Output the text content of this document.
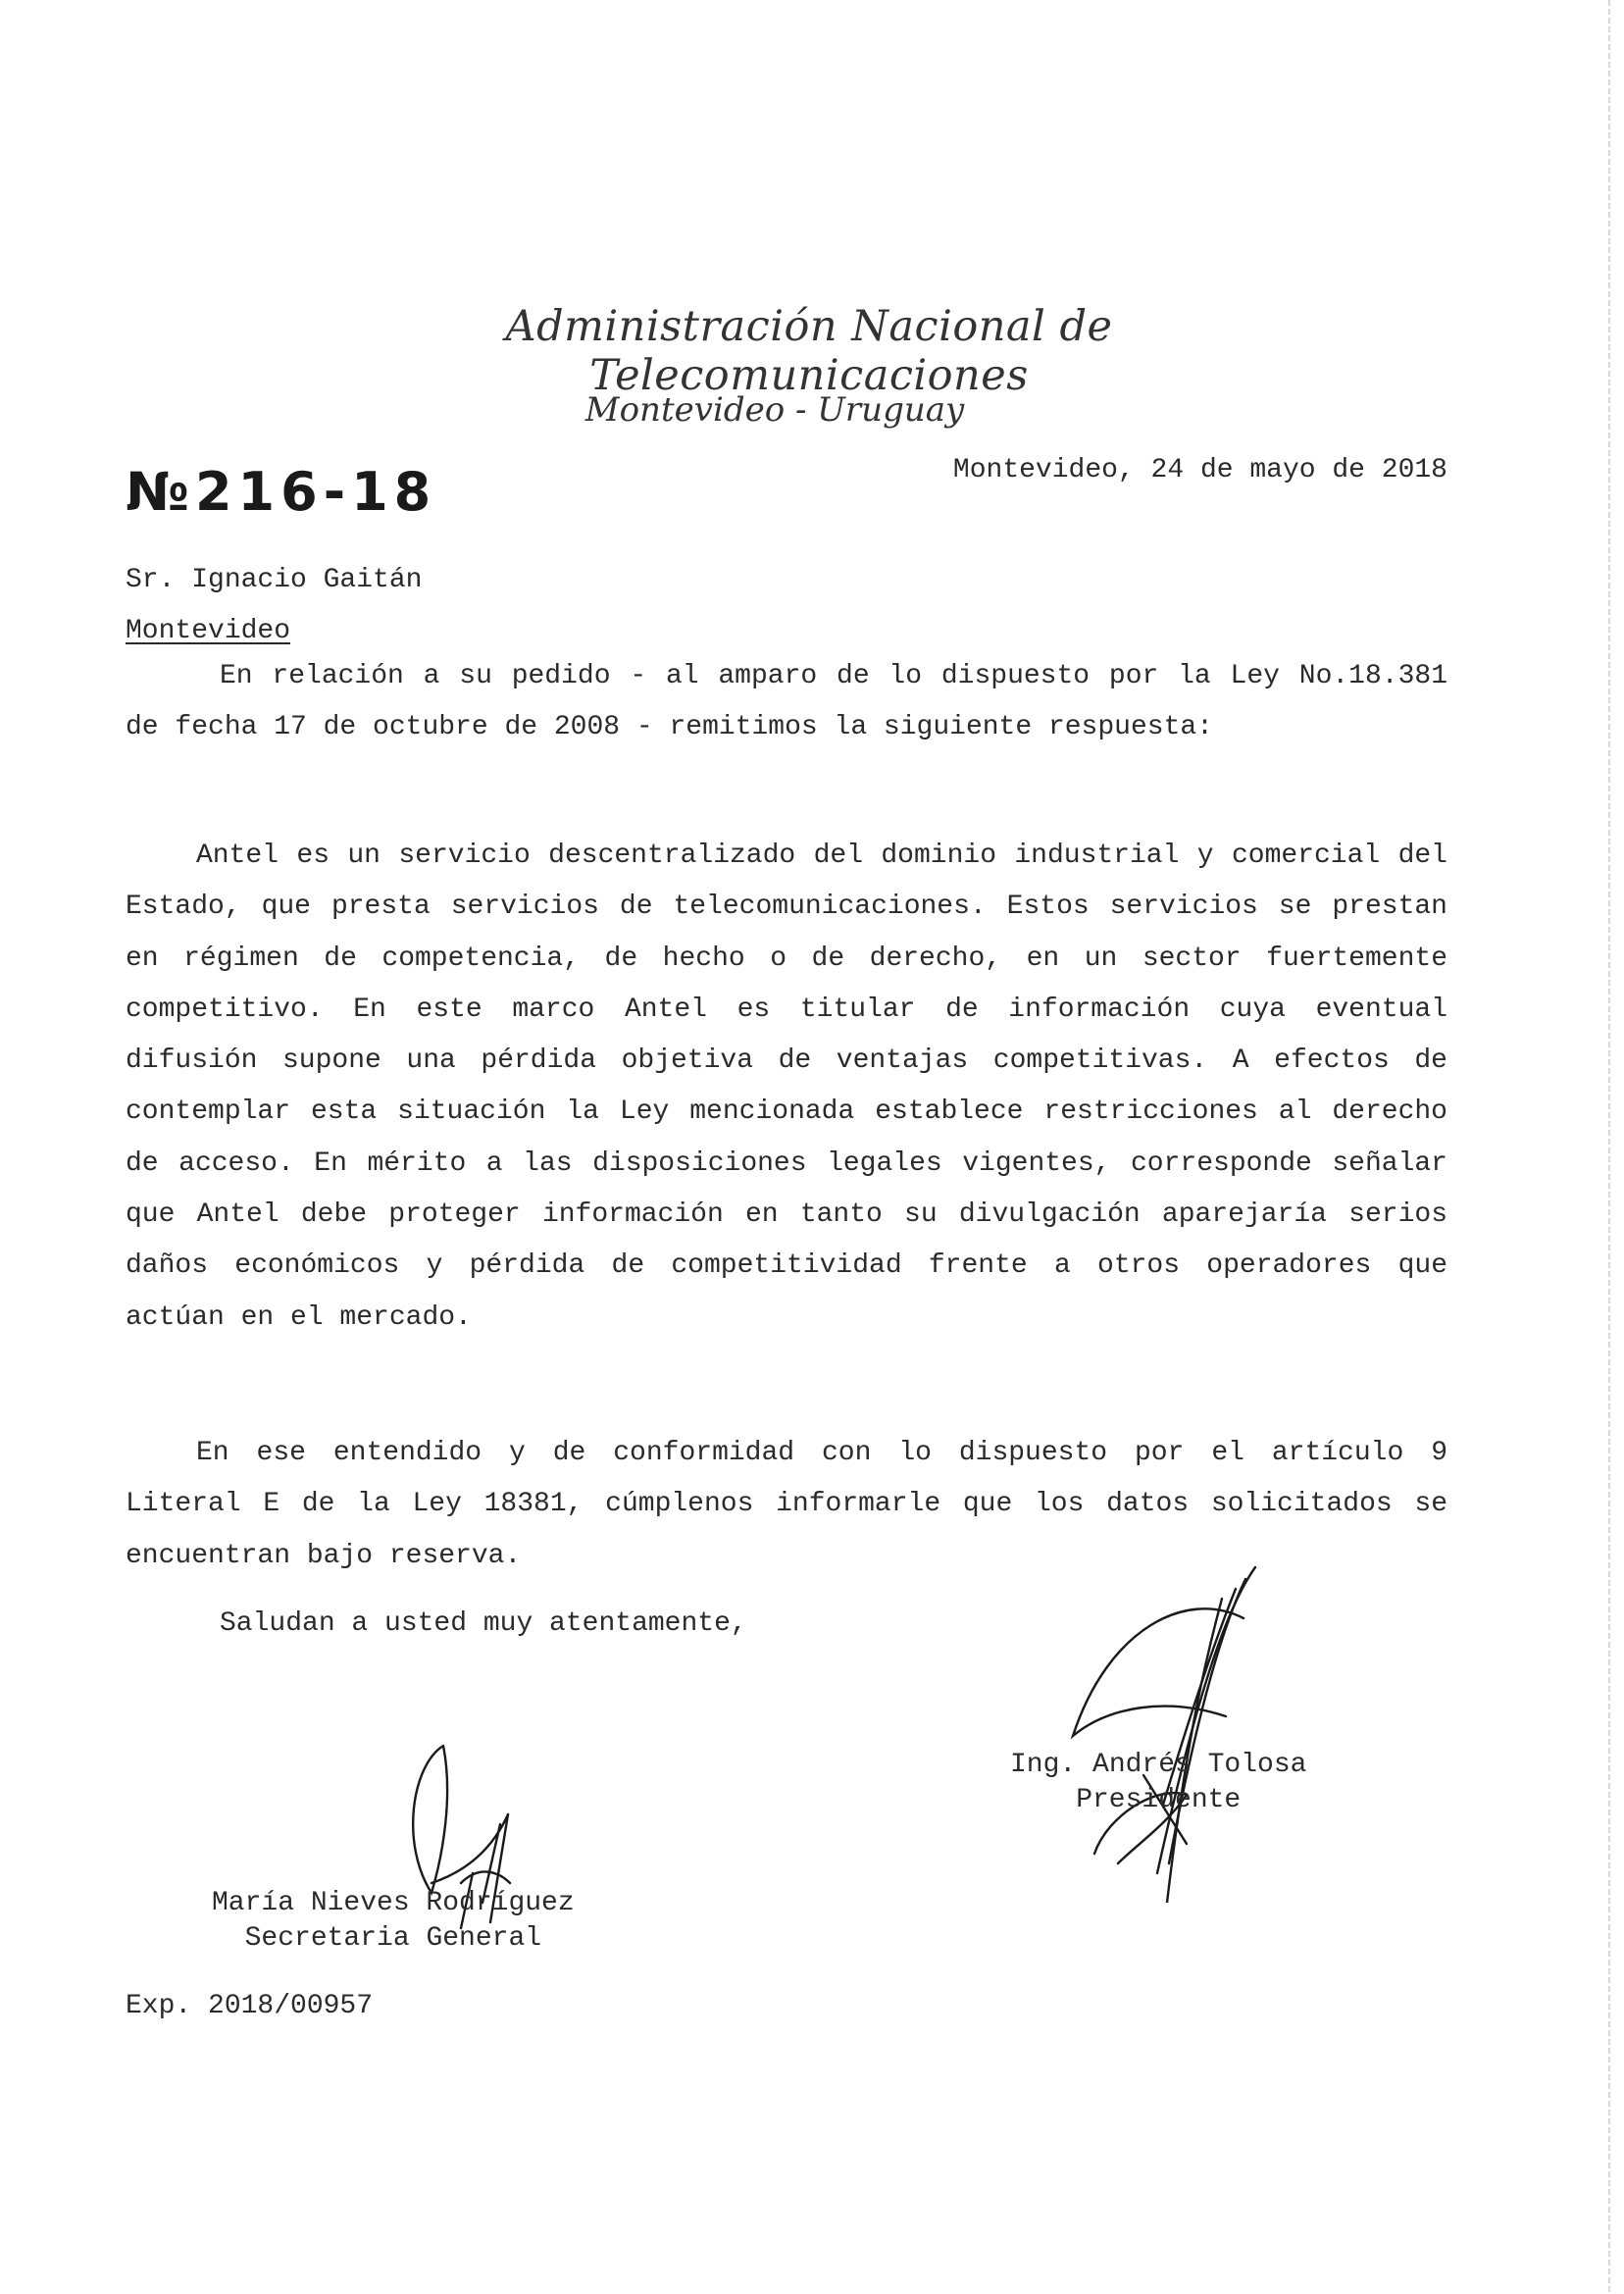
Administración Nacional de Telecomunicaciones
Montevideo - Uruguay
№216-18	Montevideo, 24 de mayo de 2018
Sr. Ignacio Gaitán
Montevideo
En relación a su pedido - al amparo de lo dispuesto por la Ley No.18.381 de fecha 17 de octubre de 2008 - remitimos la siguiente respuesta:
Antel es un servicio descentralizado del dominio industrial y comercial del Estado, que presta servicios de telecomunicaciones. Estos servicios se prestan en régimen de competencia, de hecho o de derecho, en un sector fuertemente competitivo. En este marco Antel es titular de información cuya eventual difusión supone una pérdida objetiva de ventajas competitivas. A efectos de contemplar esta situación la Ley mencionada establece restricciones al derecho de acceso. En mérito a las disposiciones legales vigentes, corresponde señalar que Antel debe proteger información en tanto su divulgación aparejaría serios daños económicos y pérdida de competitividad frente a otros operadores que actúan en el mercado.
En ese entendido y de conformidad con lo dispuesto por el artículo 9 Literal E de la Ley 18381, cúmplenos informarle que los datos solicitados se encuentran bajo reserva.
Saludan a usted muy atentamente,
Ing. Andrés Tolosa
Presidente
María Nieves Rodríguez
Secretaria General
Exp. 2018/00957
